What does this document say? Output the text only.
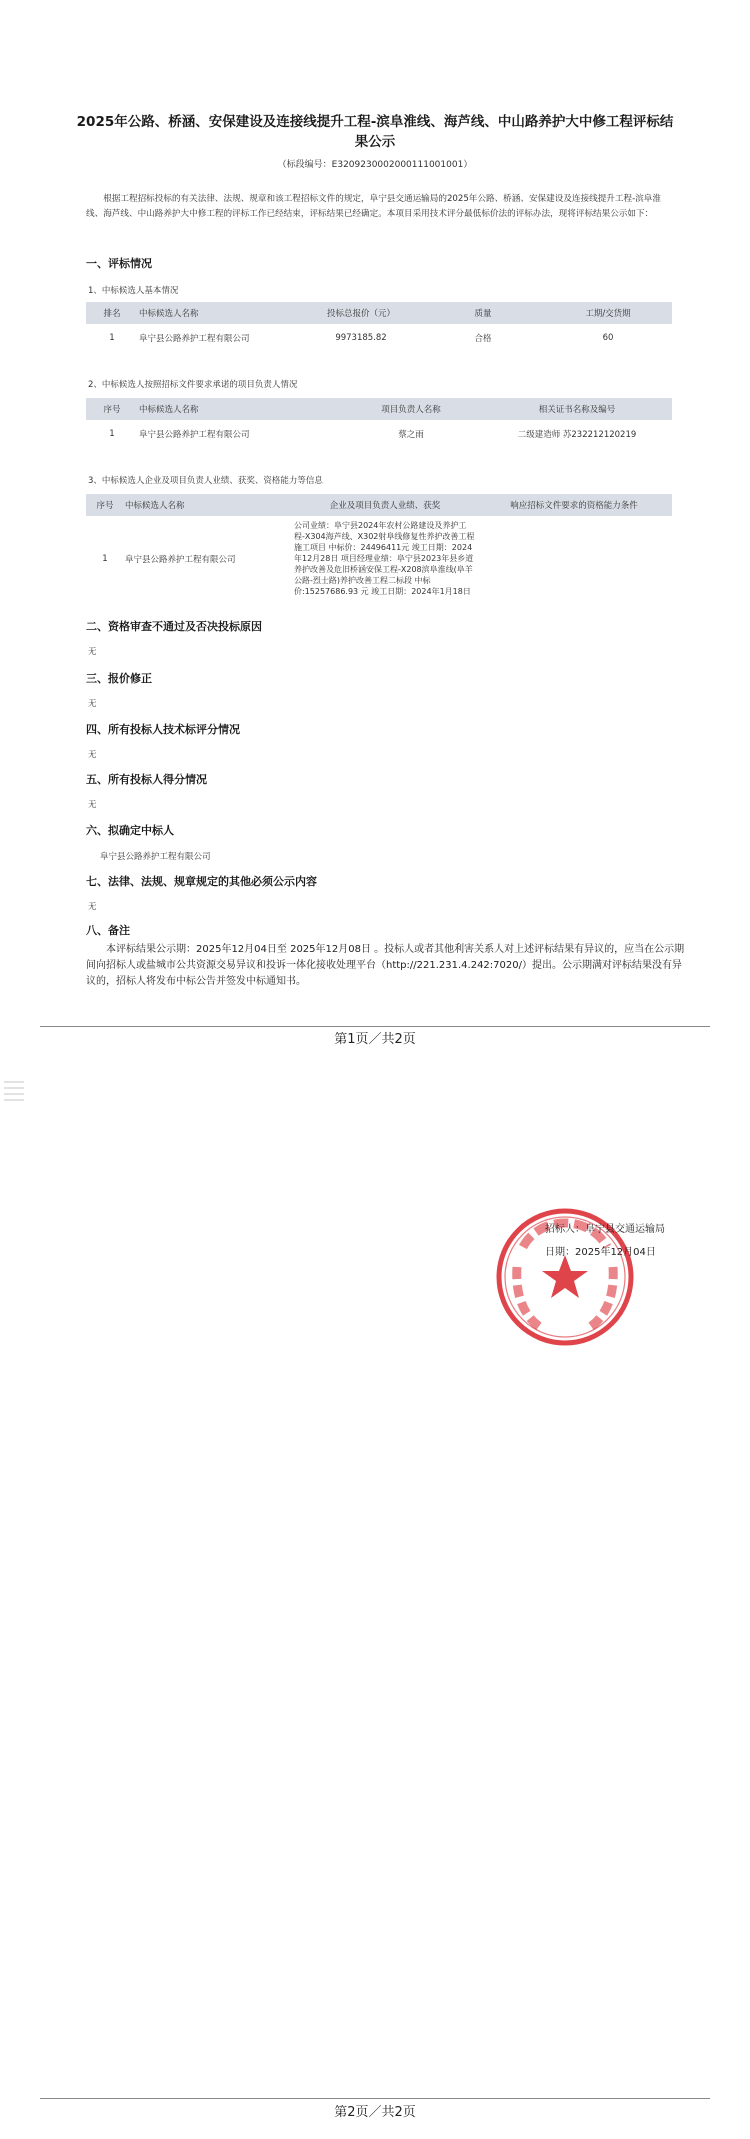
2025年公路、桥涵、安保建设及连接线提升工程-滨阜淮线、海芦线、中山路养护大中修工程评标结果公示
（标段编号：E3209230002000111001001）
根据工程招标投标的有关法律、法规、规章和该工程招标文件的规定，阜宁县交通运输局的2025年公路、桥涵、安保建设及连接线提升工程-滨阜淮线、海芦线、中山路养护大中修工程的评标工作已经结束，评标结果已经确定。本项目采用技术评分最低标价法的评标办法，现将评标结果公示如下：
一、评标情况
1、中标候选人基本情况
排名	中标候选人名称	投标总报价（元）	质量	工期/交货期
1	阜宁县公路养护工程有限公司	9973185.82	合格	60
2、中标候选人按照招标文件要求承诺的项目负责人情况
序号	中标候选人名称	项目负责人名称	相关证书名称及编号
1	阜宁县公路养护工程有限公司	蔡之雨	二级建造师 苏232212120219
3、中标候选人企业及项目负责人业绩、获奖、资格能力等信息
序号	中标候选人名称	企业及项目负责人业绩、获奖	响应招标文件要求的资格能力条件
1	阜宁县公路养护工程有限公司	公司业绩：阜宁县2024年农村公路建设及养护工程-X304海芦线、X302射阜线修复性养护改善工程施工项目 中标价：24496411元 竣工日期：2024年12月28日 项目经理业绩：阜宁县2023年县乡道养护改善及危旧桥涵安保工程-X208滨阜淮线(阜羊公路-烈士路)养护改善工程二标段 中标价:15257686.93 元 竣工日期：2024年1月18日	
二、资格审查不通过及否决投标原因
无
三、报价修正
无
四、所有投标人技术标评分情况
无
五、所有投标人得分情况
无
六、拟确定中标人
阜宁县公路养护工程有限公司
七、法律、法规、规章规定的其他必须公示内容
无
八、备注
本评标结果公示期：2025年12月04日至 2025年12月08日 。投标人或者其他利害关系人对上述评标结果有异议的，应当在公示期间向招标人或盐城市公共资源交易异议和投诉一体化接收处理平台（http://221.231.4.242:7020/）提出。公示期满对评标结果没有异议的，招标人将发布中标公告并签发中标通知书。
第1页／共2页
招标人：阜宁县交通运输局
日期：2025年12月04日
第2页／共2页
